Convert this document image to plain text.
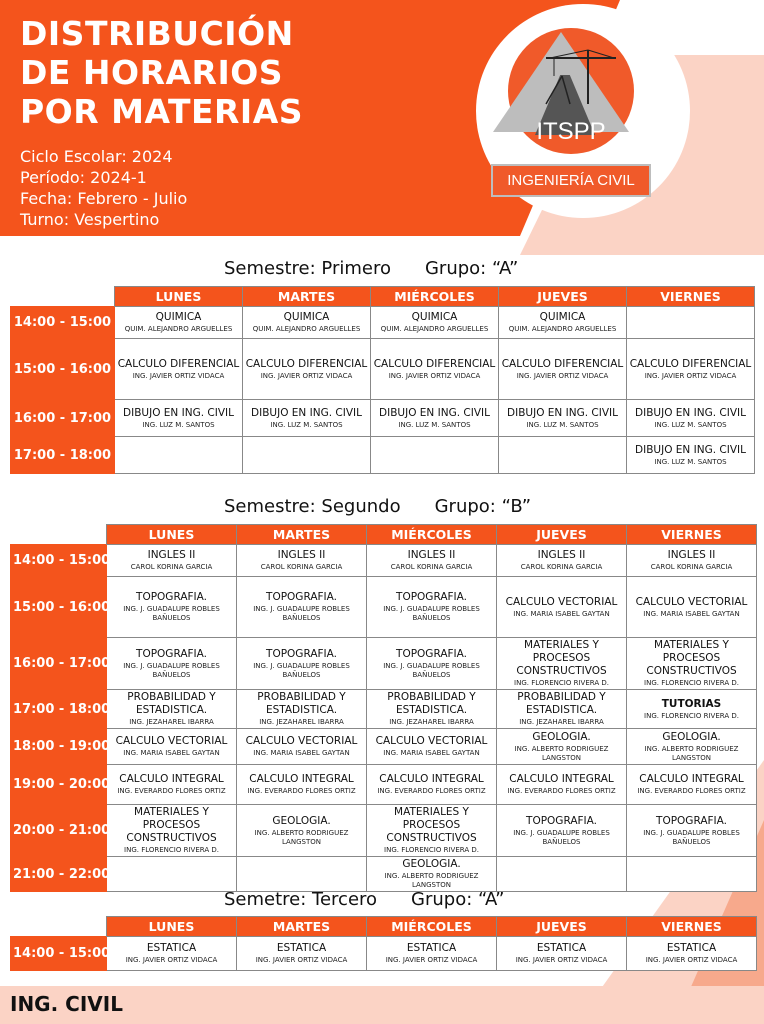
DISTRIBUCIÓN
DE HORARIOS
POR MATERIAS
Ciclo Escolar: 2024
Período: 2024-1
Fecha: Febrero - Julio
Turno: Vespertino
ITSPP
INGENIERÍA CIVIL
Semestre: Primero Grupo: “A”
	LUNES	MARTES	MIÉRCOLES	JUEVES	VIERNES
14:00 - 15:00	QUIMICA
QUIM. ALEJANDRO ARGUELLES	QUIMICA
QUIM. ALEJANDRO ARGUELLES	QUIMICA
QUIM. ALEJANDRO ARGUELLES	QUIMICA
QUIM. ALEJANDRO ARGUELLES	

15:00 - 16:00	CALCULO DIFERENCIAL
ING. JAVIER ORTIZ VIDACA	CALCULO DIFERENCIAL
ING. JAVIER ORTIZ VIDACA	CALCULO DIFERENCIAL
ING. JAVIER ORTIZ VIDACA	CALCULO DIFERENCIAL
ING. JAVIER ORTIZ VIDACA	CALCULO DIFERENCIAL
ING. JAVIER ORTIZ VIDACA

16:00 - 17:00	DIBUJO EN ING. CIVIL
ING. LUZ M. SANTOS	DIBUJO EN ING. CIVIL
ING. LUZ M. SANTOS	DIBUJO EN ING. CIVIL
ING. LUZ M. SANTOS	DIBUJO EN ING. CIVIL
ING. LUZ M. SANTOS	DIBUJO EN ING. CIVIL
ING. LUZ M. SANTOS

17:00 - 18:00					DIBUJO EN ING. CIVIL
ING. LUZ M. SANTOS
Semestre: Segundo Grupo: “B”
	LUNES	MARTES	MIÉRCOLES	JUEVES	VIERNES
14:00 - 15:00	INGLES II
CAROL KORINA GARCIA	INGLES II
CAROL KORINA GARCIA	INGLES II
CAROL KORINA GARCIA	INGLES II
CAROL KORINA GARCIA	INGLES II
CAROL KORINA GARCIA

15:00 - 16:00	TOPOGRAFIA.
ING. J. GUADALUPE ROBLES BAÑUELOS	TOPOGRAFIA.
ING. J. GUADALUPE ROBLES BAÑUELOS	TOPOGRAFIA.
ING. J. GUADALUPE ROBLES BAÑUELOS	CALCULO VECTORIAL
ING. MARIA ISABEL GAYTAN	CALCULO VECTORIAL
ING. MARIA ISABEL GAYTAN

16:00 - 17:00	TOPOGRAFIA.
ING. J. GUADALUPE ROBLES BAÑUELOS	TOPOGRAFIA.
ING. J. GUADALUPE ROBLES BAÑUELOS	TOPOGRAFIA.
ING. J. GUADALUPE ROBLES BAÑUELOS	MATERIALES Y PROCESOS CONSTRUCTIVOS
ING. FLORENCIO RIVERA D.	MATERIALES Y PROCESOS CONSTRUCTIVOS
ING. FLORENCIO RIVERA D.

17:00 - 18:00	PROBABILIDAD Y ESTADISTICA.
ING. JEZAHAREL IBARRA	PROBABILIDAD Y ESTADISTICA.
ING. JEZAHAREL IBARRA	PROBABILIDAD Y ESTADISTICA.
ING. JEZAHAREL IBARRA	PROBABILIDAD Y ESTADISTICA.
ING. JEZAHAREL IBARRA	TUTORIAS
ING. FLORENCIO RIVERA D.

18:00 - 19:00	CALCULO VECTORIAL
ING. MARIA ISABEL GAYTAN	CALCULO VECTORIAL
ING. MARIA ISABEL GAYTAN	CALCULO VECTORIAL
ING. MARIA ISABEL GAYTAN	GEOLOGIA.
ING. ALBERTO RODRIGUEZ LANGSTON	GEOLOGIA.
ING. ALBERTO RODRIGUEZ LANGSTON

19:00 - 20:00	CALCULO INTEGRAL
ING. EVERARDO FLORES ORTIZ	CALCULO INTEGRAL
ING. EVERARDO FLORES ORTIZ	CALCULO INTEGRAL
ING. EVERARDO FLORES ORTIZ	CALCULO INTEGRAL
ING. EVERARDO FLORES ORTIZ	CALCULO INTEGRAL
ING. EVERARDO FLORES ORTIZ

20:00 - 21:00	MATERIALES Y PROCESOS CONSTRUCTIVOS
ING. FLORENCIO RIVERA D.	GEOLOGIA.
ING. ALBERTO RODRIGUEZ LANGSTON	MATERIALES Y PROCESOS CONSTRUCTIVOS
ING. FLORENCIO RIVERA D.	TOPOGRAFIA.
ING. J. GUADALUPE ROBLES BAÑUELOS	TOPOGRAFIA.
ING. J. GUADALUPE ROBLES BAÑUELOS

21:00 - 22:00			GEOLOGIA.
ING. ALBERTO RODRIGUEZ LANGSTON		

Semetre: Tercero Grupo: “A”
	LUNES	MARTES	MIÉRCOLES	JUEVES	VIERNES
14:00 - 15:00	ESTATICA
ING. JAVIER ORTIZ VIDACA	ESTATICA
ING. JAVIER ORTIZ VIDACA	ESTATICA
ING. JAVIER ORTIZ VIDACA	ESTATICA
ING. JAVIER ORTIZ VIDACA	ESTATICA
ING. JAVIER ORTIZ VIDACA
ING. CIVIL
